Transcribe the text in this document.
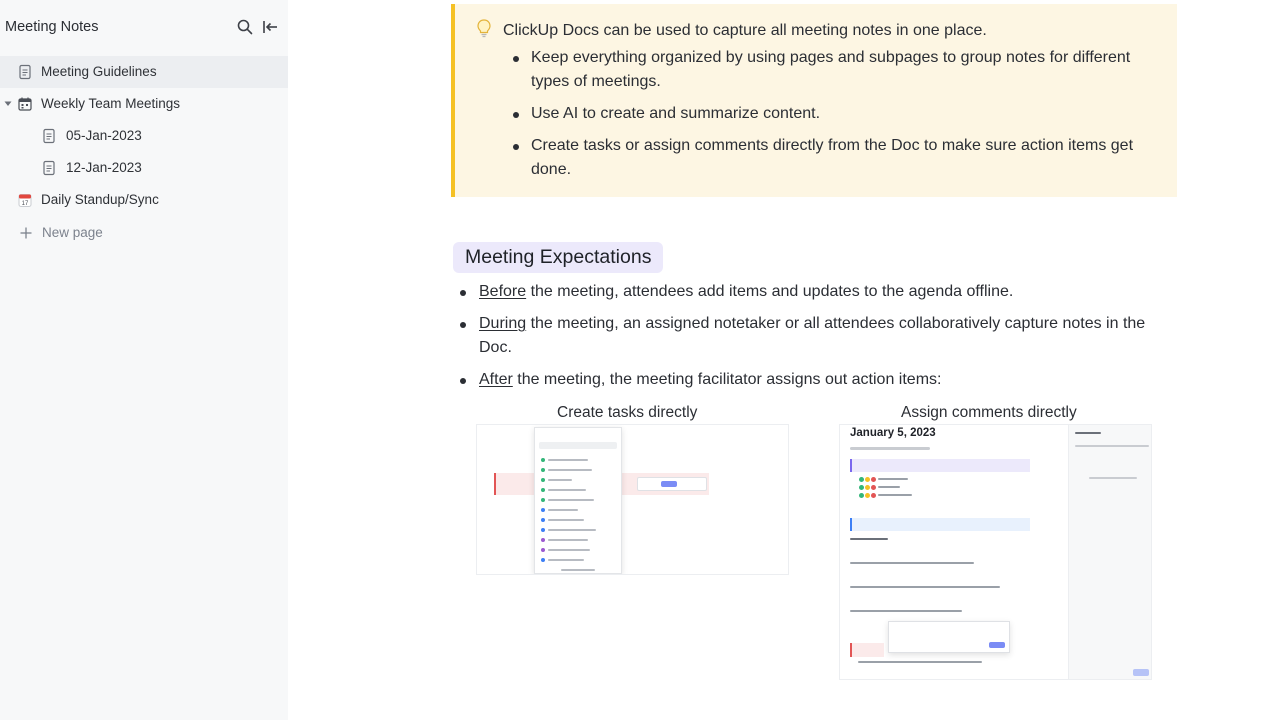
Meeting Notes
Meeting Guidelines
Weekly Team Meetings
05-Jan-2023
12-Jan-2023
17 Daily Standup/Sync
New page
ClickUp Docs can be used to capture all meeting notes in one place.
Keep everything organized by using pages and subpages to group notes for different types of meetings.
Use AI to create and summarize content.
Create tasks or assign comments directly from the Doc to make sure action items get done.
Meeting Expectations
Before the meeting, attendees add items and updates to the agenda offline.
During the meeting, an assigned notetaker or all attendees collaboratively capture notes in the Doc.
After the meeting, the meeting facilitator assigns out action items:
Create tasks directly	Assign comments directly
January 5, 2023
